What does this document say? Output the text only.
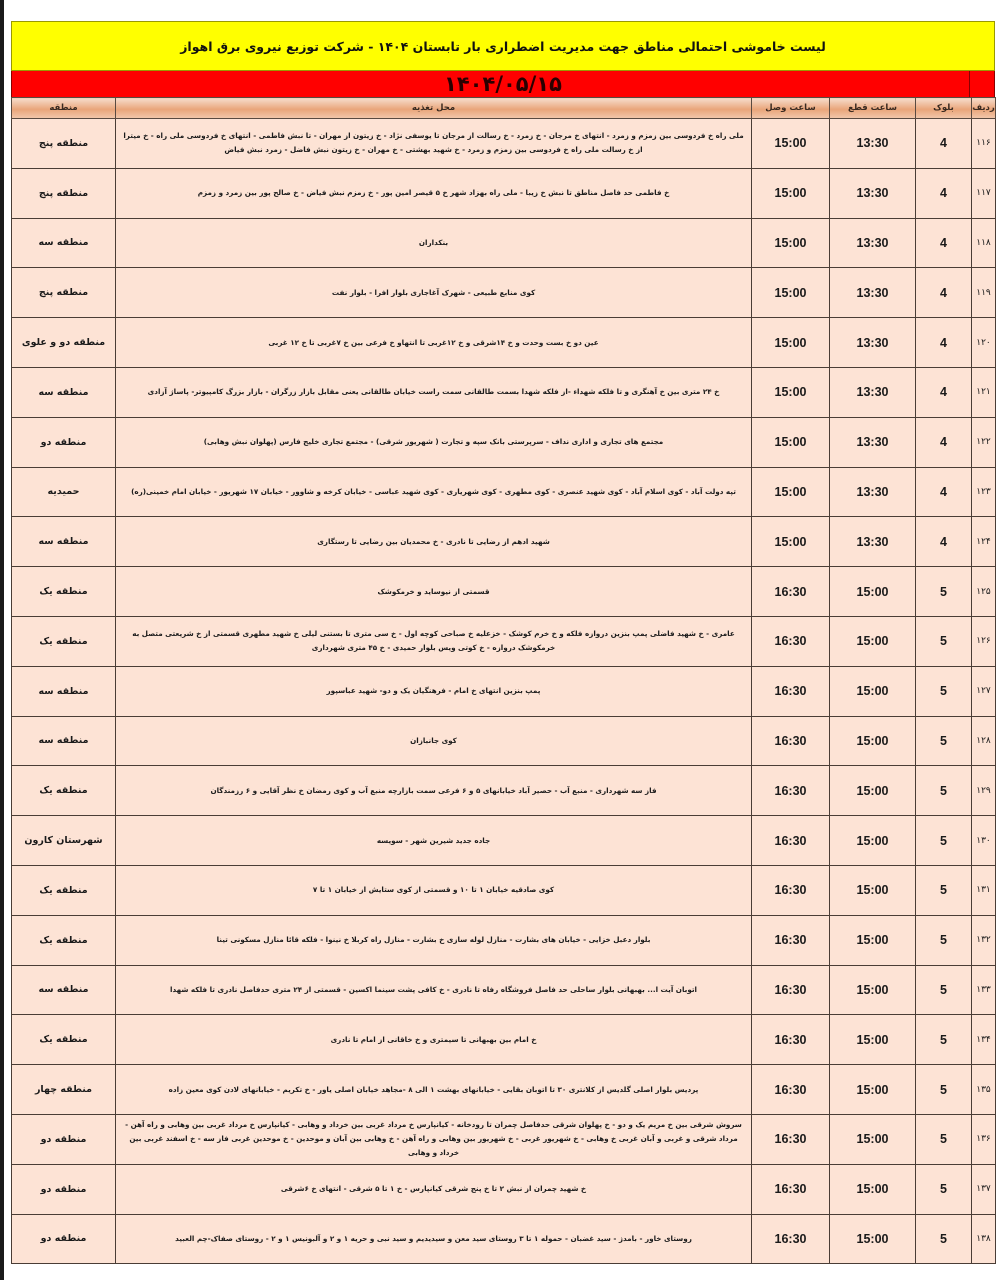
لیست خاموشی احتمالی مناطق جهت مدیریت اضطراری بار تابستان ۱۴۰۴ - شرکت توزیع نیروی برق اهواز
۱۴۰۴/۰۵/۱۵
ردیف	بلوک	ساعت قطع	ساعت وصل	محل تغذیه	منطقه
۱۱۶	4	13:30	15:00	ملی راه خ فردوسی بین زمزم و زمرد - انتهای خ مرجان - خ زمرد - خ رسالت از مرجان تا یوسفی نژاد - خ زیتون از مهران - تا نبش فاطمی - انتهای خ فردوسی ملی راه - خ میترا از خ رسالت ملی راه خ فردوسی بین زمزم و زمرد - خ شهید بهشتی - خ مهران - خ زیتون نبش فاضل - زمرد نبش فیاض	منطقه پنج
۱۱۷	4	13:30	15:00	خ فاطمی حد فاصل مناطق تا نبش خ زیبا - ملی راه بهزاد شهر خ ۵ قیصر امین پور - خ زمزم نبش فیاض - خ صالح پور بین زمرد و زمزم	منطقه پنج
۱۱۸	4	13:30	15:00	بنکداران	منطقه سه
۱۱۹	4	13:30	15:00	کوی منابع طبیعی - شهرک آغاجاری بلوار افرا - بلوار نفت	منطقه پنج
۱۲۰	4	13:30	15:00	عین دو خ بست وحدت و خ ۱۴شرقی و خ ۱۲غربی تا انتهاو خ فرعی بین خ ۷غربی تا خ ۱۲ غربی	منطقه دو و علوی
۱۲۱	4	13:30	15:00	خ ۲۴ متری بین خ آهنگری و تا فلکه شهداء -از فلکه شهدا بسمت طالقانی سمت راست خیابان طالقانی یعنی مقابل بازار زرگران - بازار بزرگ کامپیوتر- پاساژ آزادی	منطقه سه
۱۲۲	4	13:30	15:00	مجتمع های تجاری و اداری نداف - سرپرستی بانک سپه و تجارت ( شهریور شرقی) - مجتمع تجاری خلیج فارس (پهلوان نبش وهابی)	منطقه دو
۱۲۳	4	13:30	15:00	تپه دولت آباد - کوی اسلام آباد - کوی شهید عنصری - کوی مطهری - کوی شهریاری - کوی شهید عباسی - خیابان کرخه و شاوور - خیابان ۱۷ شهریور - خیابان امام خمینی(ره)	حمیدیه
۱۲۴	4	13:30	15:00	شهید ادهم از رضایی تا نادری - خ محمدیان بین رضایی تا رستگاری	منطقه سه
۱۲۵	5	15:00	16:30	قسمتی از نیوساید و خرمکوشک	منطقه یک
۱۲۶	5	15:00	16:30	عامری - خ شهید فاضلی پمپ بنزین دروازه فلکه و خ خرم کوشک - خزعلیه خ صباحی کوچه اول - خ سی متری تا بستنی لیلی خ شهید مطهری قسمتی از خ شریعتی متصل به خرمکوشک دروازه - خ کوتی ویس بلوار حمیدی - خ ۴۵ متری شهرداری	منطقه یک
۱۲۷	5	15:00	16:30	پمپ بنزین انتهای خ امام - فرهنگیان یک و دو- شهید عباسپور	منطقه سه
۱۲۸	5	15:00	16:30	کوی جانبازان	منطقه سه
۱۲۹	5	15:00	16:30	فاز سه شهرداری - منبع آب - حصیر آباد خیابانهای ۵ و ۶ فرعی سمت بازارچه منبع آب و کوی رمضان خ نظر آقایی و ۶ رزمندگان	منطقه یک
۱۳۰	5	15:00	16:30	جاده جدید شیرین شهر - سویسه	شهرستان کارون
۱۳۱	5	15:00	16:30	کوی صادقیه خیابان ۱ تا ۱۰ و قسمتی از کوی ستایش از خیابان ۱ تا ۷	منطقه یک
۱۳۲	5	15:00	16:30	بلوار دعبل خزایی - خیابان های بشارت - منازل لوله سازی خ بشارت - منازل راه کربلا خ نینوا - فلکه قائا منازل مسکونی تینا	منطقه یک
۱۳۳	5	15:00	16:30	اتوبان آیت ا... بهبهانی بلوار ساحلی حد فاصل فروشگاه رفاه تا نادری - خ کافی پشت سینما اکسین - قسمتی از ۲۴ متری حدفاصل نادری تا فلکه شهدا	منطقه سه
۱۳۴	5	15:00	16:30	خ امام بین بهبهانی تا سیمتری و خ خاقانی از امام تا نادری	منطقه یک
۱۳۵	5	15:00	16:30	پردیس بلوار اصلی گلدیس از کلانتری ۳۰ تا اتوبان بقایی - خیابانهای بهشت ۱ الی ۸ -مجاهد خیابان اصلی یاور - خ تکریم - خیابانهای لادن کوی معین زاده	منطقه چهار
۱۳۶	5	15:00	16:30	سروش شرقی بین خ مریم یک و دو - خ پهلوان شرقی حدفاصل چمران تا رودخانه - کیانپارس خ مرداد غربی بین خرداد و وهابی - کیانپارس خ مرداد غربی بین وهابی و راه آهن - مرداد شرقی و غربی و آبان غربی خ وهابی - خ شهریور غربی - خ شهریور بین وهابی و راه آهن - خ وهابی بین آبان و موحدین - خ موحدین غربی فاز سه - خ اسفند غربی بین خرداد و وهابی	منطقه دو
۱۳۷	5	15:00	16:30	خ شهید چمران از نبش ۲ تا خ پنج شرقی کیانپارس - خ ۱ تا ۵ شرقی - انتهای خ ۶شرقی	منطقه دو
۱۳۸	5	15:00	16:30	روستای خاور - بامدژ - سید غضبان - حموله ۱ تا ۳ روستای سید معن و سیدیدیم و سید نبی و حریه ۱ و ۲ و آلبونیس ۱ و ۲ - روستای صفاک-چم العبید	منطقه دو
